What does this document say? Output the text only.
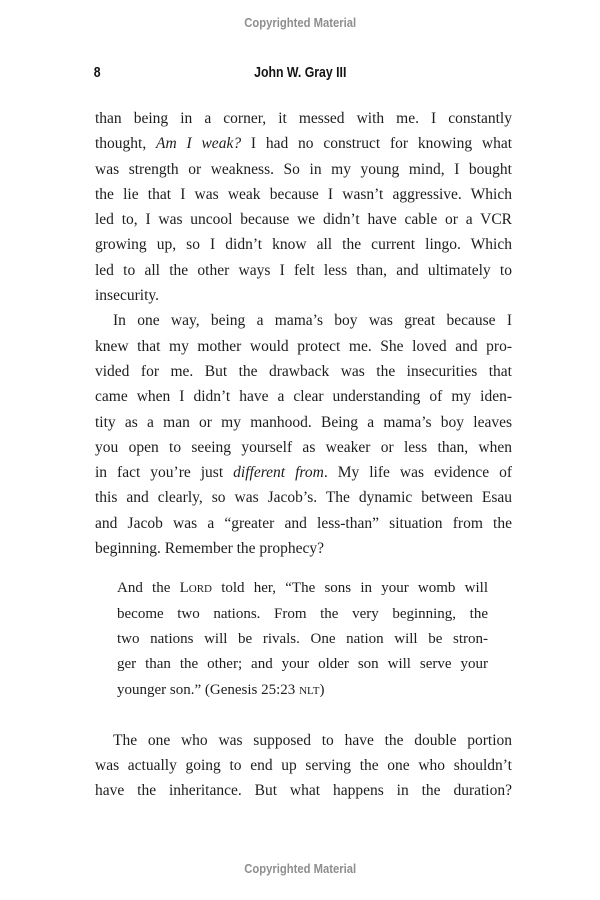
Copyrighted Material
8	John W. Gray III
than being in a corner, it messed with me. I constantly
thought, Am I weak? I had no construct for knowing what
was strength or weakness. So in my young mind, I bought
the lie that I was weak because I wasn’t aggressive. Which
led to, I was uncool because we didn’t have cable or a VCR
growing up, so I didn’t know all the current lingo. Which
led to all the other ways I felt less than, and ultimately to
insecurity.
In one way, being a mama’s boy was great because I
knew that my mother would protect me. She loved and pro-
vided for me. But the drawback was the insecurities that
came when I didn’t have a clear understanding of my iden-
tity as a man or my manhood. Being a mama’s boy leaves
you open to seeing yourself as weaker or less than, when
in fact you’re just different from. My life was evidence of
this and clearly, so was Jacob’s. The dynamic between Esau
and Jacob was a “greater and less-than” situation from the
beginning. Remember the prophecy?
And the Lord told her, “The sons in your womb will
become two nations. From the very beginning, the
two nations will be rivals. One nation will be stron-
ger than the other; and your older son will serve your
younger son.” (Genesis 25:23 nlt)
The one who was supposed to have the double portion
was actually going to end up serving the one who shouldn’t
have the inheritance. But what happens in the duration?
Copyrighted Material
